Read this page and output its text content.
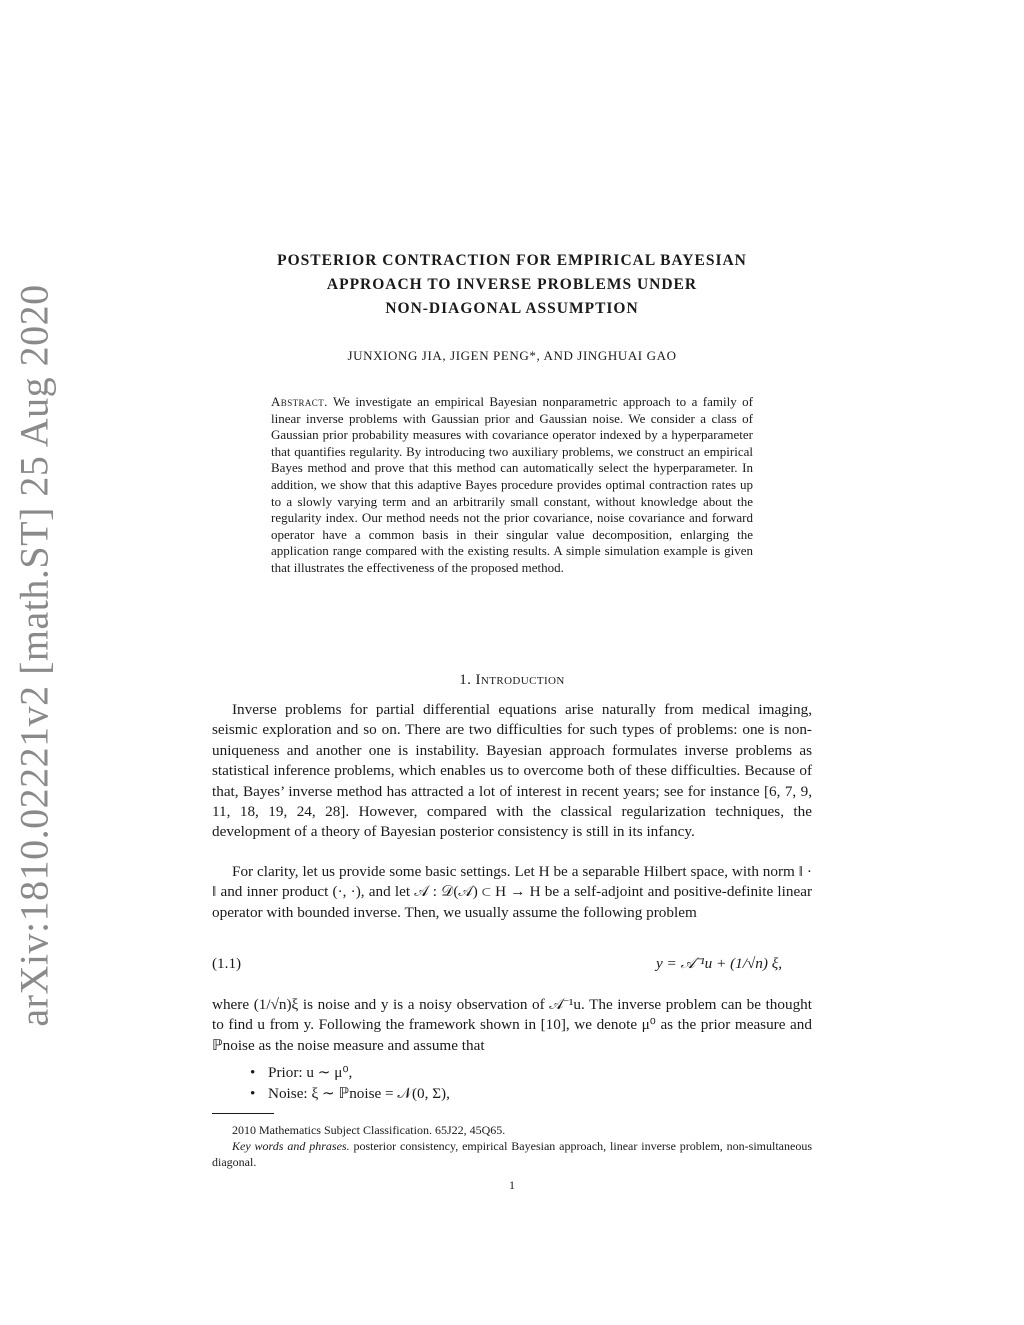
arXiv:1810.02221v2 [math.ST] 25 Aug 2020
POSTERIOR CONTRACTION FOR EMPIRICAL BAYESIAN
APPROACH TO INVERSE PROBLEMS UNDER
NON-DIAGONAL ASSUMPTION
JUNXIONG JIA, JIGEN PENG*, AND JINGHUAI GAO
Abstract. We investigate an empirical Bayesian nonparametric approach to a family of linear inverse problems with Gaussian prior and Gaussian noise. We consider a class of Gaussian prior probability measures with covariance operator indexed by a hyperparameter that quantifies regularity. By introducing two auxiliary problems, we construct an empirical Bayes method and prove that this method can automatically select the hyperparameter. In addition, we show that this adaptive Bayes procedure provides optimal contraction rates up to a slowly varying term and an arbitrarily small constant, without knowledge about the regularity index. Our method needs not the prior covariance, noise covariance and forward operator have a common basis in their singular value decomposition, enlarging the application range compared with the existing results. A simple simulation example is given that illustrates the effectiveness of the proposed method.
1. Introduction
Inverse problems for partial differential equations arise naturally from medical imaging, seismic exploration and so on. There are two difficulties for such types of problems: one is non-uniqueness and another one is instability. Bayesian approach formulates inverse problems as statistical inference problems, which enables us to overcome both of these difficulties. Because of that, Bayes’ inverse method has attracted a lot of interest in recent years; see for instance [6, 7, 9, 11, 18, 19, 24, 28]. However, compared with the classical regularization techniques, the development of a theory of Bayesian posterior consistency is still in its infancy.
For clarity, let us provide some basic settings. Let H be a separable Hilbert space, with norm ‖ · ‖ and inner product (·, ·), and let 𝒜 : 𝒟(𝒜) ⊂ H → H be a self-adjoint and positive-definite linear operator with bounded inverse. Then, we usually assume the following problem
(1.1)	y = 𝒜⁻¹u + (1/√n) ξ,
where (1/√n)ξ is noise and y is a noisy observation of 𝒜⁻¹u. The inverse problem can be thought to find u from y. Following the framework shown in [10], we denote μ⁰ as the prior measure and ℙnoise as the noise measure and assume that
• Prior: u ∼ μ⁰,
• Noise: ξ ∼ ℙnoise = 𝒩(0, Σ),
2010 Mathematics Subject Classification. 65J22, 45Q65.
Key words and phrases. posterior consistency, empirical Bayesian approach, linear inverse problem, non-simultaneous diagonal.
1
